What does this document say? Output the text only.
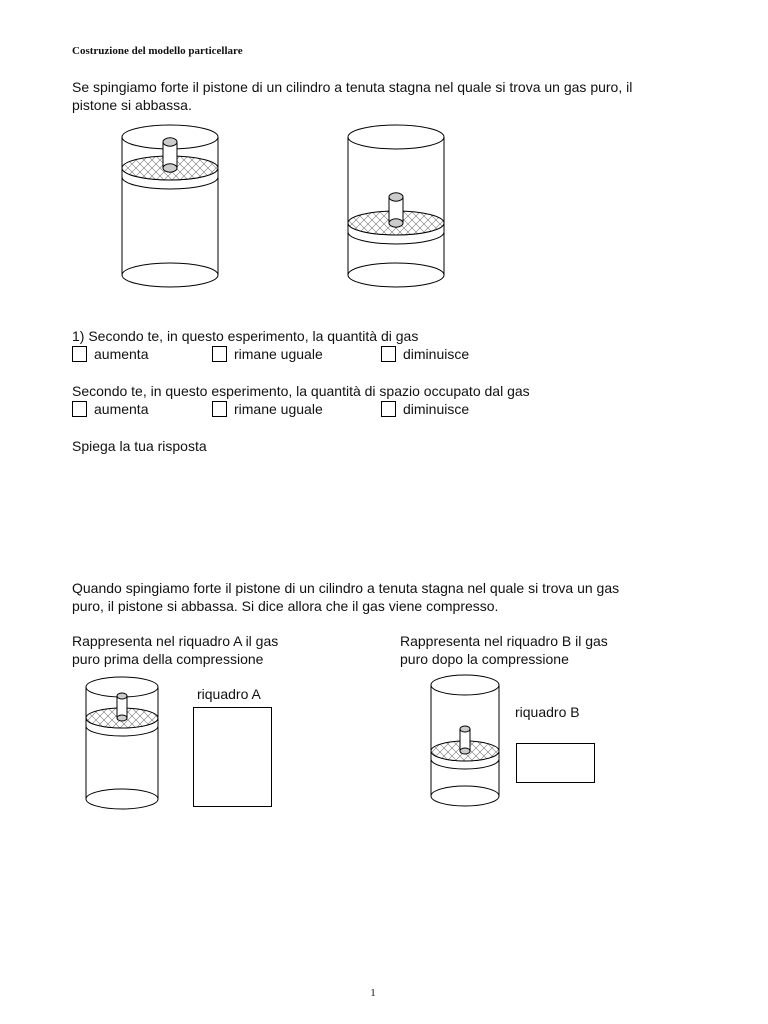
Costruzione del modello particellare
Se spingiamo forte il pistone di un cilindro a tenuta stagna nel quale si trova un gas puro, il
pistone si abbassa.
1) Secondo te, in questo esperimento, la quantità di gas
aumenta	rimane uguale	diminuisce
Secondo te, in questo esperimento, la quantità di spazio occupato dal gas
aumenta	rimane uguale	diminuisce
Spiega la tua risposta
Quando spingiamo forte il pistone di un cilindro a tenuta stagna nel quale si trova un gas
puro, il pistone si abbassa. Si dice allora che il gas viene compresso.
Rappresenta nel riquadro A il gas
puro prima della compressione
Rappresenta nel riquadro B il gas
puro dopo la compressione
riquadro A
riquadro B
1
